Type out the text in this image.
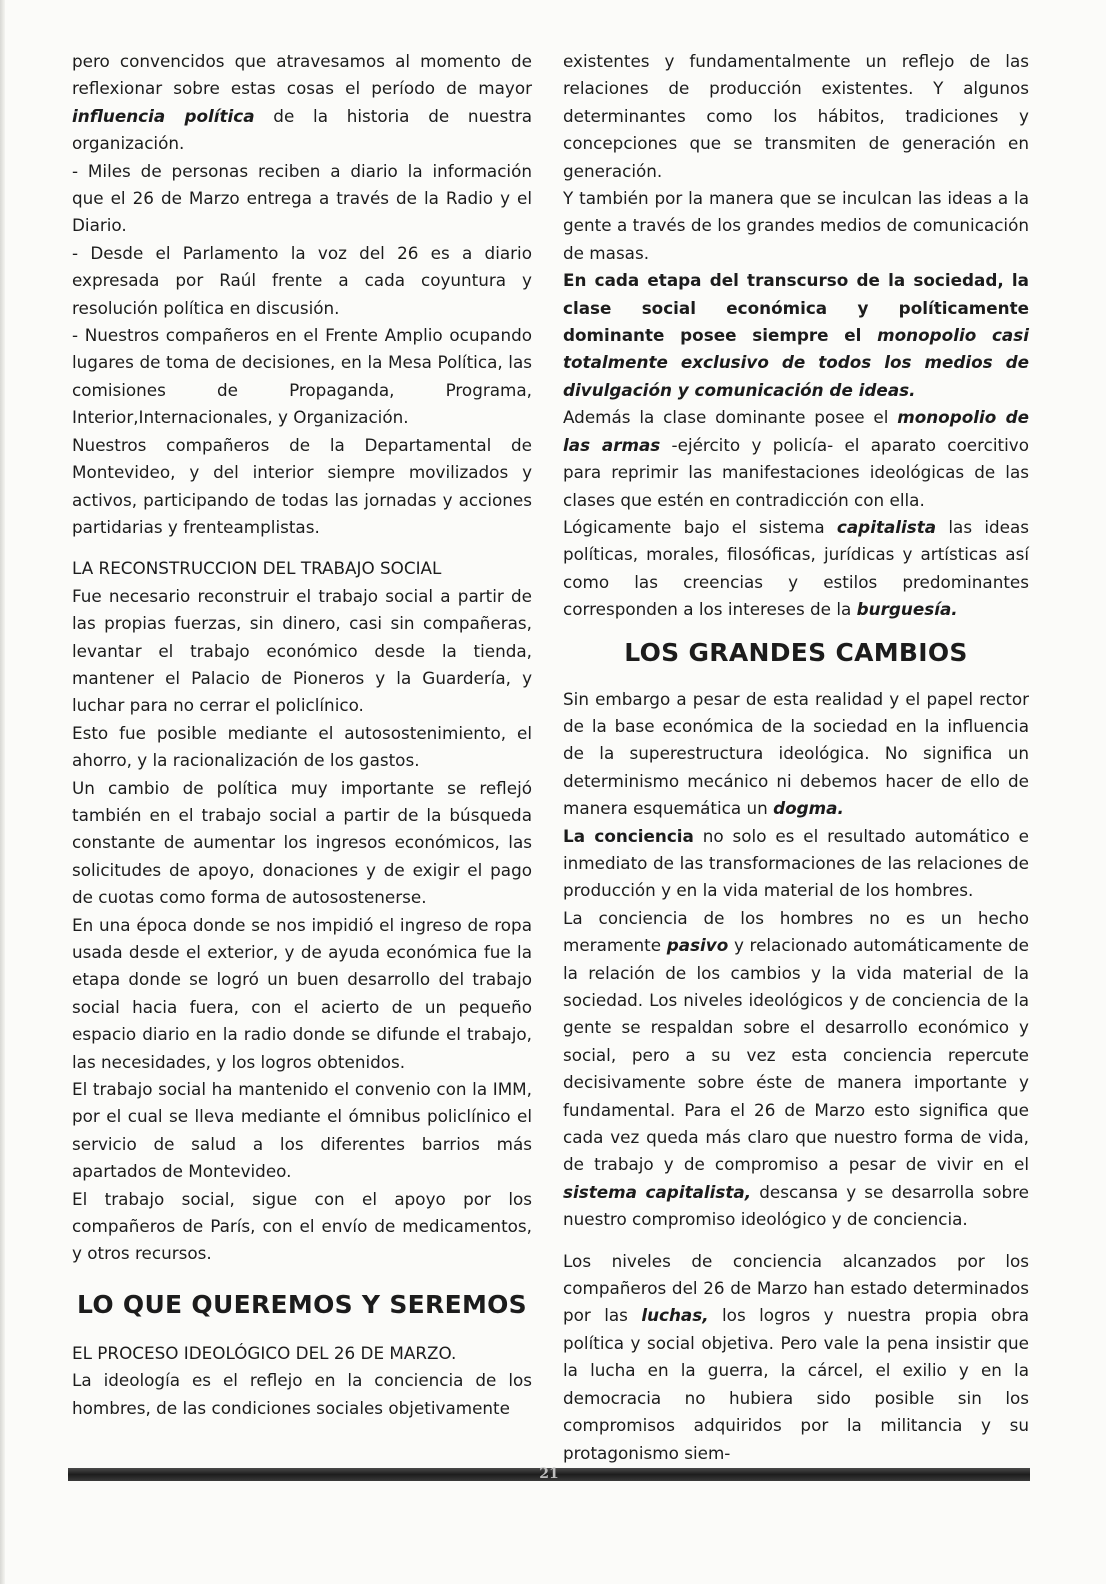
pero convencidos que atravesamos al momento de reflexionar sobre estas cosas el período de mayor influencia política de la historia de nuestra organización.

- Miles de personas reciben a diario la información que el 26 de Marzo entrega a través de la Radio y el Diario.

- Desde el Parlamento la voz del 26 es a diario expresada por Raúl frente a cada coyuntura y resolución política en discusión.

- Nuestros compañeros en el Frente Amplio ocupando lugares de toma de decisiones, en la Mesa Política, las comisiones de Propaganda, Programa, Interior,Internacionales, y Organización.

Nuestros compañeros de la Departamental de Montevideo, y del interior siempre movilizados y activos, participando de todas las jornadas y acciones partidarias y frenteamplistas.

LA RECONSTRUCCION DEL TRABAJO SOCIAL

Fue necesario reconstruir el trabajo social a partir de las propias fuerzas, sin dinero, casi sin compañeras, levantar el trabajo económico desde la tienda, mantener el Palacio de Pioneros y la Guardería, y luchar para no cerrar el policlínico.

Esto fue posible mediante el autosostenimiento, el ahorro, y la racionalización de los gastos.

Un cambio de política muy importante se reflejó también en el trabajo social a partir de la búsqueda constante de aumentar los ingresos económicos, las solicitudes de apoyo, donaciones y de exigir el pago de cuotas como forma de autosostenerse.

En una época donde se nos impidió el ingreso de ropa usada desde el exterior, y de ayuda económica fue la etapa donde se logró un buen desarrollo del trabajo social hacia fuera, con el acierto de un pequeño espacio diario en la radio donde se difunde el trabajo, las necesidades, y los logros obtenidos.

El trabajo social ha mantenido el convenio con la IMM, por el cual se lleva mediante el ómnibus policlínico el servicio de salud a los diferentes barrios más apartados de Montevideo.

El trabajo social, sigue con el apoyo por los compañeros de París, con el envío de medicamentos, y otros recursos.

LO QUE QUEREMOS Y SEREMOS

EL PROCESO IDEOLÓGICO DEL 26 DE MARZO.

La ideología es el reflejo en la conciencia de los hombres, de las condiciones sociales objetivamente

existentes y fundamentalmente un reflejo de las relaciones de producción existentes. Y algunos determinantes como los hábitos, tradiciones y concepciones que se transmiten de generación en generación.

Y también por la manera que se inculcan las ideas a la gente a través de los grandes medios de comunicación de masas.

En cada etapa del transcurso de la sociedad, la clase social económica y políticamente dominante posee siempre el monopolio casi totalmente exclusivo de todos los medios de divulgación y comunicación de ideas.

Además la clase dominante posee el monopolio de las armas -ejército y policía- el aparato coercitivo para reprimir las manifestaciones ideológicas de las clases que estén en contradicción con ella.

Lógicamente bajo el sistema capitalista las ideas políticas, morales, filosóficas, jurídicas y artísticas así como las creencias y estilos predominantes corresponden a los intereses de la burguesía.

LOS GRANDES CAMBIOS

Sin embargo a pesar de esta realidad y el papel rector de la base económica de la sociedad en la influencia de la superestructura ideológica. No significa un determinismo mecánico ni debemos hacer de ello de manera esquemática un dogma.

La conciencia no solo es el resultado automático e inmediato de las transformaciones de las relaciones de producción y en la vida material de los hombres.

La conciencia de los hombres no es un hecho meramente pasivo y relacionado automáticamente de la relación de los cambios y la vida material de la sociedad. Los niveles ideológicos y de conciencia de la gente se respaldan sobre el desarrollo económico y social, pero a su vez esta conciencia repercute decisivamente sobre éste de manera importante y fundamental. Para el 26 de Marzo esto significa que cada vez queda más claro que nuestro forma de vida, de trabajo y de compromiso a pesar de vivir en el sistema capitalista, descansa y se desarrolla sobre nuestro compromiso ideológico y de conciencia.

Los niveles de conciencia alcanzados por los compañeros del 26 de Marzo han estado determinados por las luchas, los logros y nuestra propia obra política y social objetiva. Pero vale la pena insistir que la lucha en la guerra, la cárcel, el exilio y en la democracia no hubiera sido posible sin los compromisos adquiridos por la militancia y su protagonismo siem-

21
